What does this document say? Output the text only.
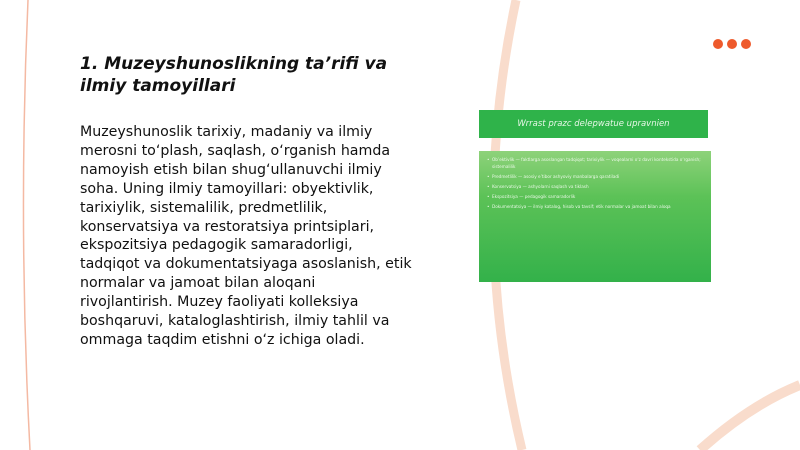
1. Muzeyshunoslikning ta’rifi va ilmiy tamoyillari

Muzeyshunoslik tarixiy, madaniy va ilmiy merosni to‘plash, saqlash, o‘rganish hamda namoyish etish bilan shug‘ullanuvchi ilmiy soha. Uning ilmiy tamoyillari: obyektivlik, tarixiylik, sistemalilik, predmetlilik, konservatsiya va restoratsiya printsiplari, ekspozitsiya pedagogik samaradorligi, tadqiqot va dokumentatsiyaga asoslanish, etik normalar va jamoat bilan aloqani rivojlantirish. Muzey faoliyati kolleksiya boshqaruvi, kataloglashtirish, ilmiy tahlil va ommaga taqdim etishni o‘z ichiga oladi.

Wrrast prazc delepwatue upravnien
• Ob’ektivlik — faktlarga asoslangan tadqiqot; tarixiylik — voqealarni o‘z davri kontekstida o‘rganish; sistemalilik
• Predmetlilik — asosiy e’tibor ashyoviy manbalarga qaratiladi
• Konservatsiya — ashyolarni saqlash va tiklash
• Ekspozitsiya — pedagogik samaradorlik
• Dokumentatsiya — ilmiy katalog, hisob va tavsif; etik normalar va jamoat bilan aloqa
